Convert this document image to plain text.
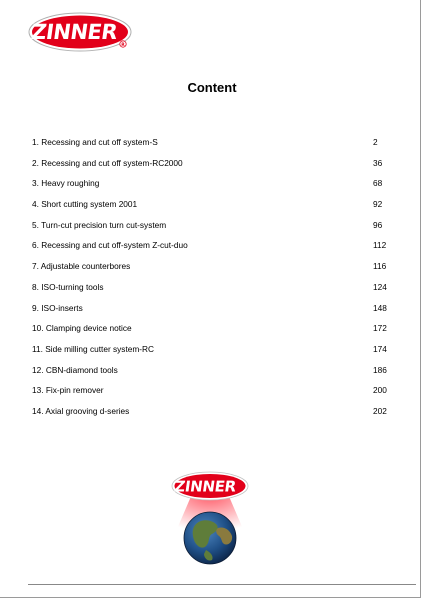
ZINNER
R
Content
1. Recessing and cut off system-S	2
2. Recessing and cut off system-RC2000	36
3. Heavy roughing	68
4. Short cutting system 2001	92
5. Turn-cut precision turn cut-system	96
6. Recessing and cut off-system Z-cut-duo	112
7. Adjustable counterbores	116
8. ISO-turning tools	124
9. ISO-inserts	148
10. Clamping device notice	172
11. Side milling cutter system-RC	174
12. CBN-diamond tools	186
13. Fix-pin remover	200
14. Axial grooving d-series	202
ZINNER
